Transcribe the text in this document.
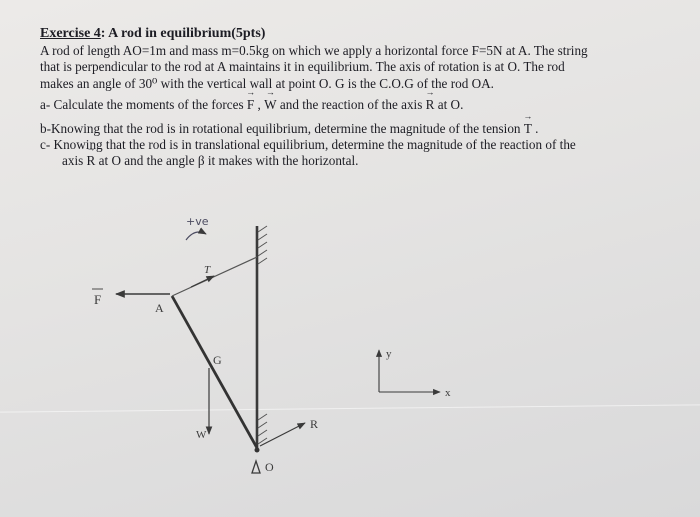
Exercise 4: A rod in equilibrium(5pts)

A rod of length AO=1m and mass m=0.5kg on which we apply a horizontal force F=5N at A. The string

that is perpendicular to the rod at A maintains it in equilibrium. The axis of rotation is at O. The rod

makes an angle of 30⁰ with the vertical wall at point O. G is the C.O.G of the rod OA.

a- Calculate the moments of the forces → F , → W and the reaction of the axis → R at O.

b-Knowing that the rod is in rotational equilibrium, determine the magnitude of the tension → T .

c- Knowing that the rod is in translational equilibrium, determine the magnitude of the reaction of the

axis → R at O and the angle β it makes with the horizontal.

+ve
F
A
T
G
W
R
O
y
x
